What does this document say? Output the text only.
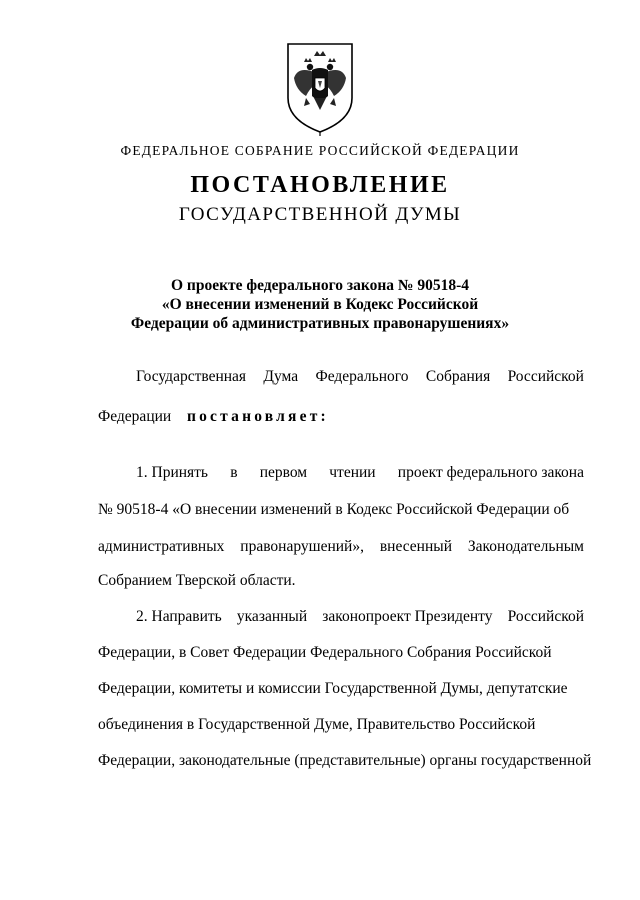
ФЕДЕРАЛЬНОЕ СОБРАНИЕ РОССИЙСКОЙ ФЕДЕРАЦИИ
ПОСТАНОВЛЕНИЕ
ГОСУДАРСТВЕННОЙ ДУМЫ
О проекте федерального закона № 90518-4
«О внесении изменений в Кодекс Российской
Федерации об административных правонарушениях»
Государственная Дума Федерального Собрания Российской
Федерации постановляет:
1. Принять в первом чтении проект федерального закона
№ 90518-4 «О внесении изменений в Кодекс Российской Федерации об
административных правонарушений», внесенный Законодательным
Собранием Тверской области.
2. Направить указанный законопроект Президенту Российской
Федерации, в Совет Федерации Федерального Собрания Российской
Федерации, комитеты и комиссии Государственной Думы, депутатские
объединения в Государственной Думе, Правительство Российской
Федерации, законодательные (представительные) органы государственной
